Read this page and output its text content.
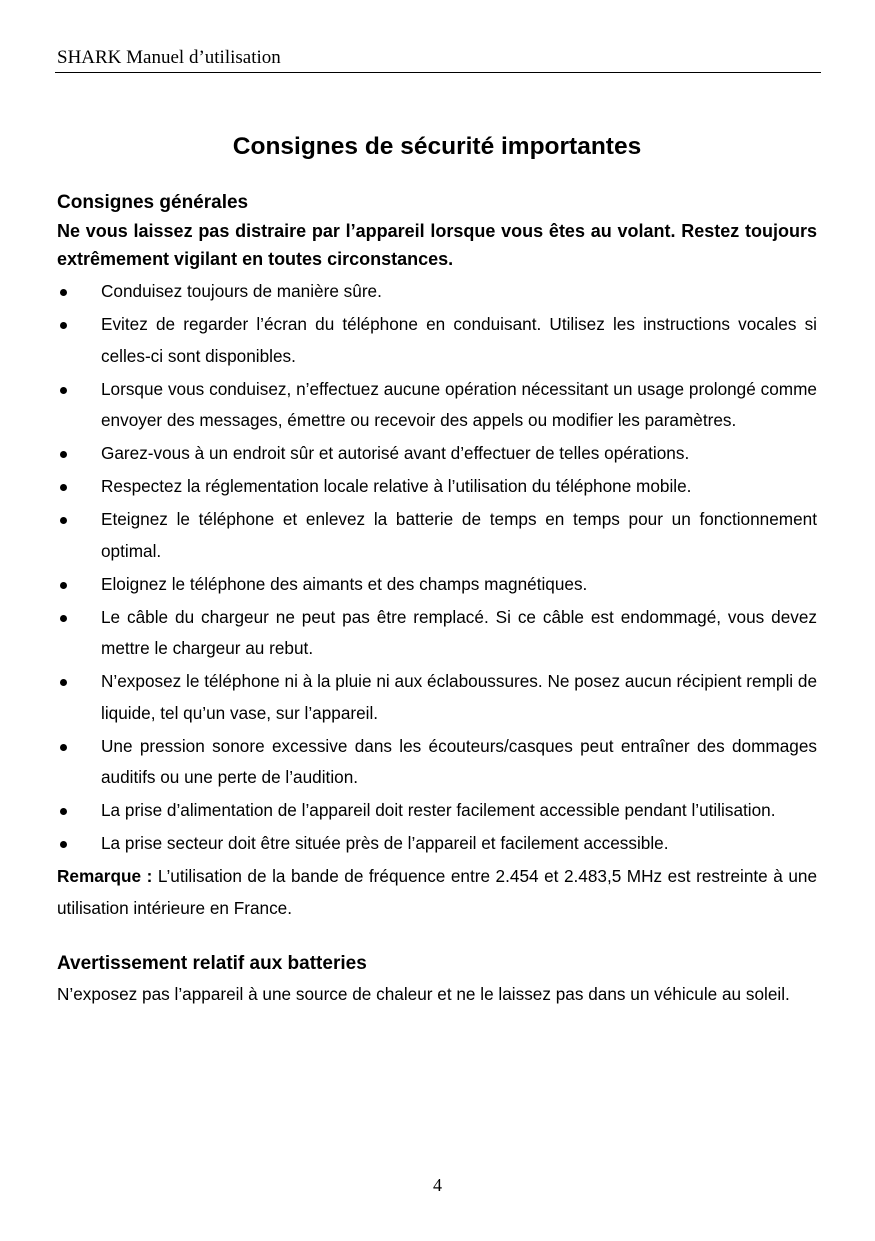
SHARK Manuel d’utilisation
Consignes de sécurité importantes
Consignes générales

Ne vous laissez pas distraire par l’appareil lorsque vous êtes au volant. Restez toujours extrêmement vigilant en toutes circonstances.

Conduisez toujours de manière sûre.
Evitez de regarder l’écran du téléphone en conduisant. Utilisez les instructions vocales si celles-ci sont disponibles.
Lorsque vous conduisez, n’effectuez aucune opération nécessitant un usage prolongé comme envoyer des messages, émettre ou recevoir des appels ou modifier les paramètres.
Garez-vous à un endroit sûr et autorisé avant d’effectuer de telles opérations.
Respectez la réglementation locale relative à l’utilisation du téléphone mobile.
Eteignez le téléphone et enlevez la batterie de temps en temps pour un fonctionnement optimal.
Eloignez le téléphone des aimants et des champs magnétiques.
Le câble du chargeur ne peut pas être remplacé. Si ce câble est endommagé, vous devez mettre le chargeur au rebut.
N’exposez le téléphone ni à la pluie ni aux éclaboussures. Ne posez aucun récipient rempli de liquide, tel qu’un vase, sur l’appareil.
Une pression sonore excessive dans les écouteurs/casques peut entraîner des dommages auditifs ou une perte de l’audition.
La prise d’alimentation de l’appareil doit rester facilement accessible pendant l’utilisation.
La prise secteur doit être située près de l’appareil et facilement accessible.

Remarque : L’utilisation de la bande de fréquence entre 2.454 et 2.483,5 MHz est restreinte à une utilisation intérieure en France.

Avertissement relatif aux batteries

N’exposez pas l’appareil à une source de chaleur et ne le laissez pas dans un véhicule au soleil.

4
